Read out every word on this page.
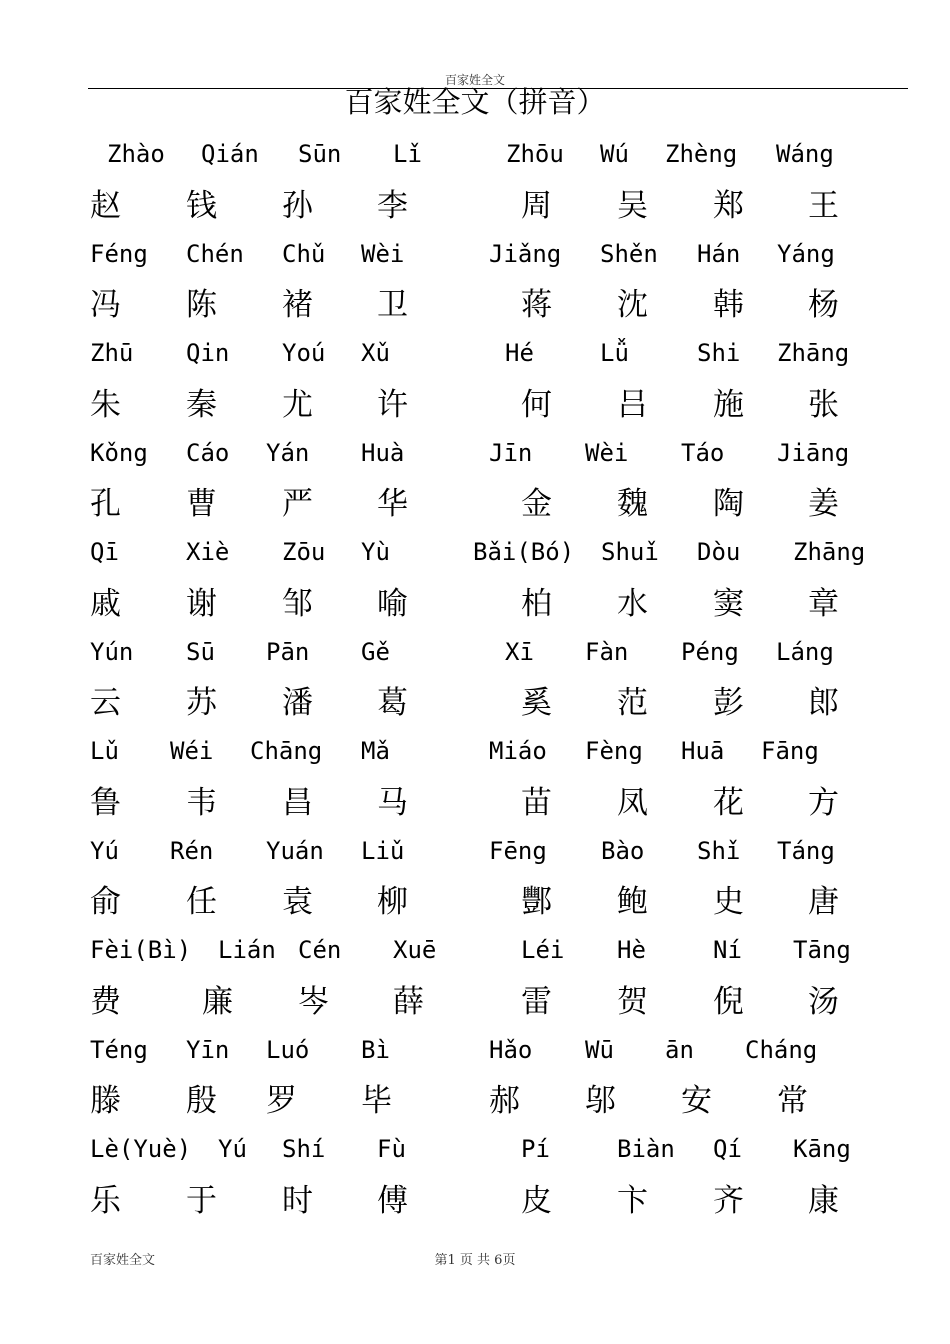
百家姓全文
百家姓全文（拼音）
Zhào Qián Sūn Lǐ	Zhōu Wú Zhèng Wáng
赵 钱 孙 李	周 吴 郑 王
Féng Chén Chǔ Wèi	Jiǎng Shěn Hán Yáng
冯 陈 褚 卫	蒋 沈 韩 杨
Zhū Qin Yoú Xǔ	Hé	Lǚ	Shi Zhāng
朱 秦 尤 许	何 吕 施 张
Kǒng Cáo Yán Huà	Jīn Wèi Táo Jiāng
孔 曹 严 华	金 魏 陶 姜
Qī	Xiè Zōu Yù	Bǎi(Bó) Shuǐ Dòu Zhāng
戚 谢 邹 喻	柏 水 窦 章
Yún Sū Pān Gě	Xī Fàn Péng Láng
云 苏 潘 葛	奚 范 彭 郎
Lǔ Wéi Chāng Mǎ	Miáo Fèng Huā Fāng
鲁 韦 昌 马	苗 凤 花 方
Yú Rén Yuán Liǔ	Fēng Bào Shǐ Táng
俞 任 袁 柳	酆 鲍 史 唐
Fèi(Bì) Lián Cén Xuē	Léi Hè	Ní Tāng
费	廉 岑 薛	雷 贺 倪 汤
Téng Yīn Luó Bì	Hǎo Wū ān Cháng
滕 殷 罗 毕	郝 邬 安 常
Lè(Yuè) Yú Shí Fù	Pí	Biàn Qí Kāng
乐 于 时 傅	皮 卞 齐 康
百家姓全文	第1 页 共 6页
